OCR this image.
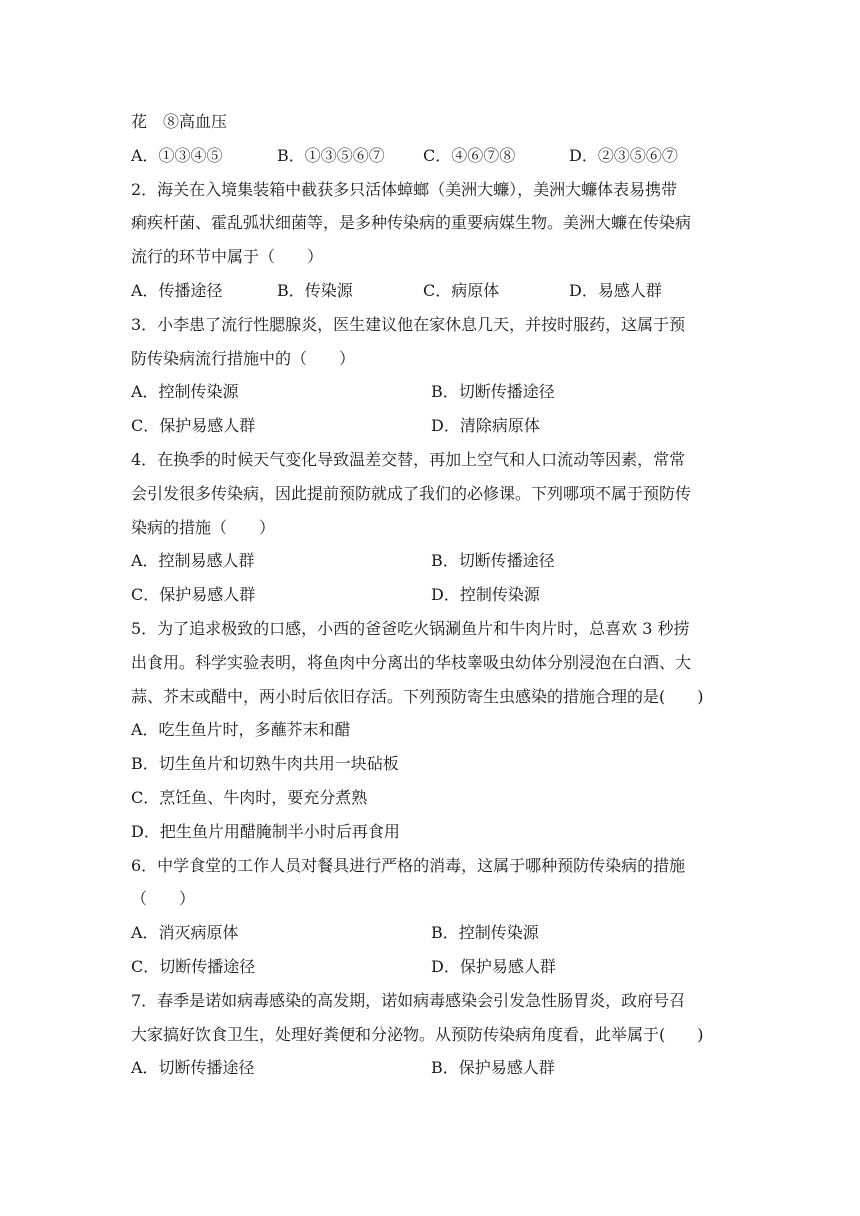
花　⑧高血压
A．①③④⑤	B．①③⑤⑥⑦	C．④⑥⑦⑧	D．②③⑤⑥⑦
2．海关在入境集装箱中截获多只活体蟑螂（美洲大蠊），美洲大蠊体表易携带
痢疾杆菌、霍乱弧状细菌等，是多种传染病的重要病媒生物。美洲大蠊在传染病
流行的环节中属于（　　）
A．传播途径	B．传染源	C．病原体	D．易感人群
3．小李患了流行性腮腺炎，医生建议他在家休息几天，并按时服药，这属于预
防传染病流行措施中的（　　）
A．控制传染源	B．切断传播途径
C．保护易感人群	D．清除病原体
4．在换季的时候天气变化导致温差交替，再加上空气和人口流动等因素，常常
会引发很多传染病，因此提前预防就成了我们的必修课。下列哪项不属于预防传
染病的措施（　　）
A．控制易感人群	B．切断传播途径
C．保护易感人群	D．控制传染源
5．为了追求极致的口感，小西的爸爸吃火锅涮鱼片和牛肉片时，总喜欢 3 秒捞
出食用。科学实验表明，将鱼肉中分离出的华枝睾吸虫幼体分别浸泡在白酒、大
蒜、芥末或醋中，两小时后依旧存活。下列预防寄生虫感染的措施合理的是(　　)
A．吃生鱼片时，多蘸芥末和醋
B．切生鱼片和切熟牛肉共用一块砧板
C．烹饪鱼、牛肉时，要充分煮熟
D．把生鱼片用醋腌制半小时后再食用
6．中学食堂的工作人员对餐具进行严格的消毒，这属于哪种预防传染病的措施
（　　）
A．消灭病原体	B．控制传染源
C．切断传播途径	D．保护易感人群
7．春季是诺如病毒感染的高发期，诺如病毒感染会引发急性肠胃炎，政府号召
大家搞好饮食卫生，处理好粪便和分泌物。从预防传染病角度看，此举属于(　　)
A．切断传播途径	B．保护易感人群
